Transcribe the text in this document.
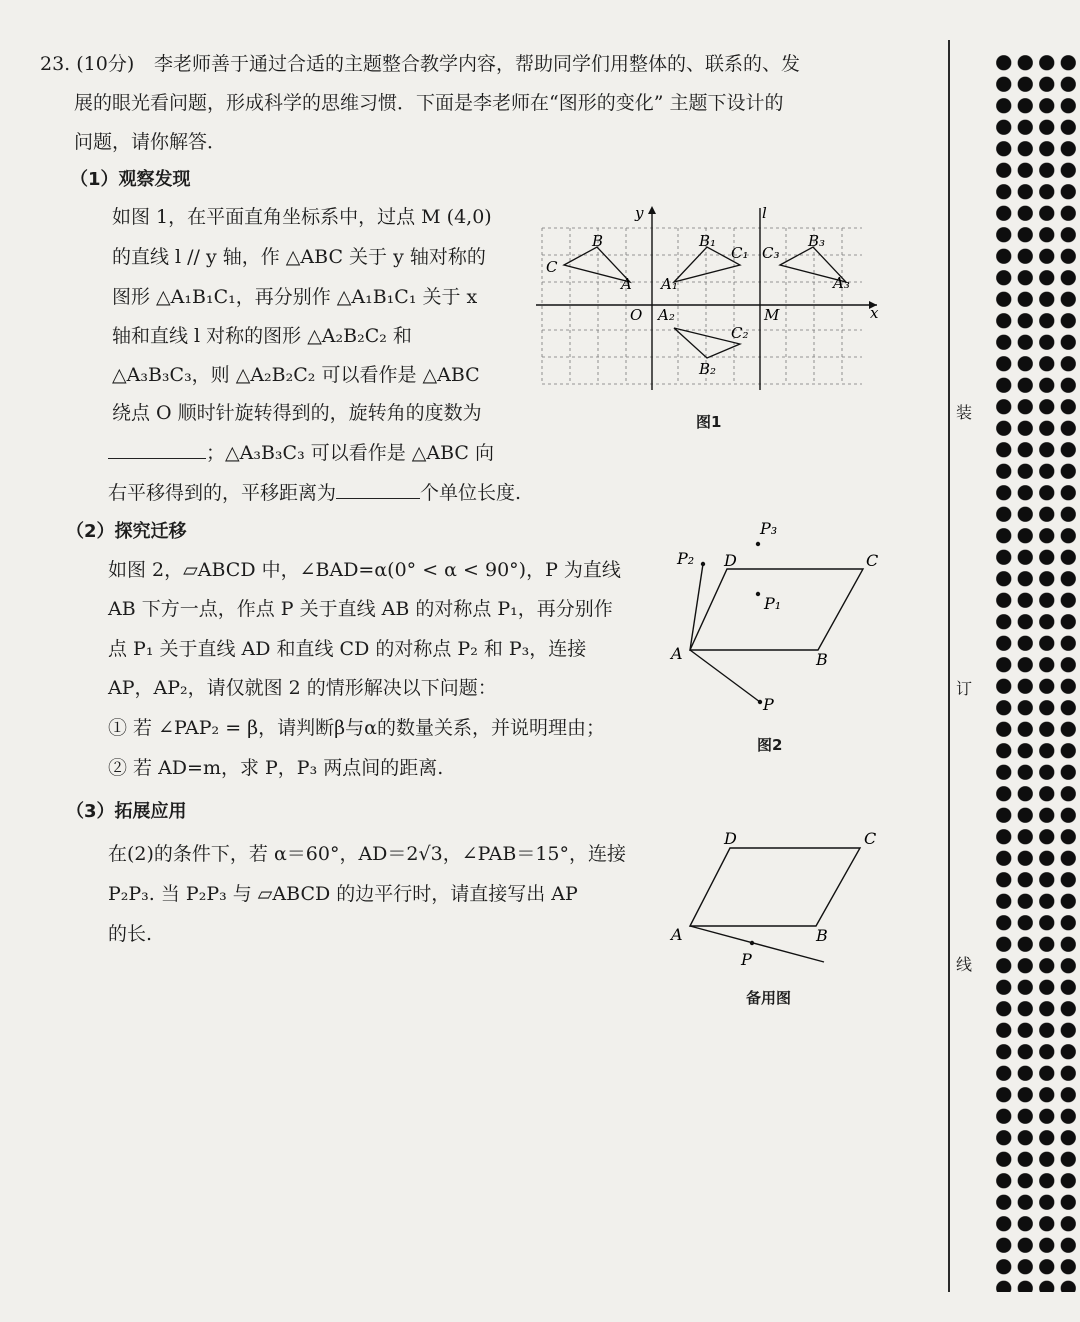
23. (10分) 李老师善于通过合适的主题整合教学内容，帮助同学们用整体的、联系的、发
展的眼光看问题，形成科学的思维习惯．下面是李老师在“图形的变化” 主题下设计的
问题，请你解答．
（1）观察发现
如图 1，在平面直角坐标系中，过点 M (4,0)
的直线 l // y 轴，作 △ABC 关于 y 轴对称的
图形 △A₁B₁C₁，再分别作 △A₁B₁C₁ 关于 x
轴和直线 l 对称的图形 △A₂B₂C₂ 和
△A₃B₃C₃，则 △A₂B₂C₂ 可以看作是 △ABC
绕点 O 顺时针旋转得到的，旋转角的度数为
；△A₃B₃C₃ 可以看作是 △ABC 向
右平移得到的，平移距离为	个单位长度.
C
B
A A₁
B₁
C₁ C₃
B₃
A₃
A₂
C₂
B₂
O	M	x
y	l
图1
（2）探究迁移
如图 2，▱ABCD 中，∠BAD=α(0° < α < 90°)，P 为直线
AB 下方一点，作点 P 关于直线 AB 的对称点 P₁，再分别作
点 P₁ 关于直线 AD 和直线 CD 的对称点 P₂ 和 P₃，连接
AP，AP₂，请仅就图 2 的情形解决以下问题：
① 若 ∠PAP₂ = β，请判断β与α的数量关系，并说明理由；
② 若 AD=m，求 P，P₃ 两点间的距离.
P₃
P₂ D	C
P₁
A	B
P
图2
（3）拓展应用
在(2)的条件下，若 α＝60°，AD＝2√3，∠PAB＝15°，连接
P₂P₃. 当 P₂P₃ 与 ▱ABCD 的边平行时，请直接写出 AP
的长.
D	C
A	B
P
备用图
装
订
线
